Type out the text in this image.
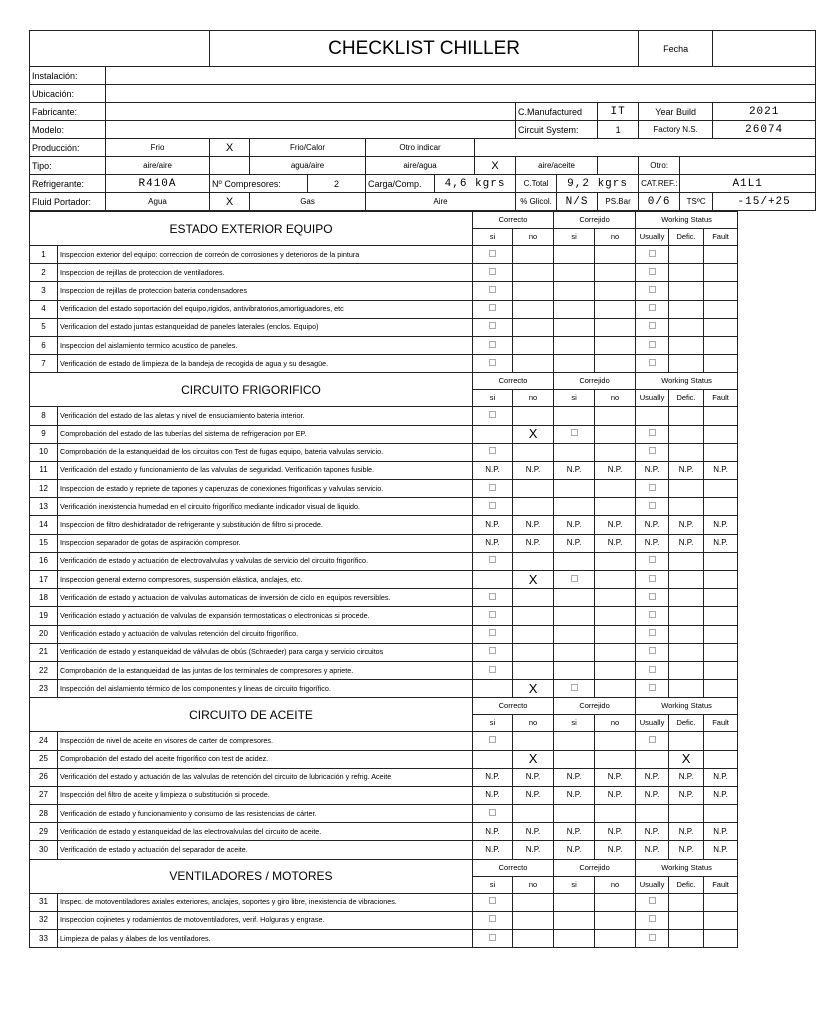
		CHECKLIST CHILLER									Fecha		
Instalación:													
Ubicación:													
Fabricante:								C.Manufactured		IT	Year Build		2021
Modelo:								Circuit System:		1	Factory N.S.		26074
Producción:	Frio	X	Frio/Calor		Otro indicar								
Tipo:	aire/aire		agua/aire		aire/agua		X	aire/aceite			Otro:		
Refrigerante:	R410A	Nº Compresores:		2	Carga/Comp.	4,6 kgrs		C.Total	9,2 kgrs		CAT.REF.:	A1L1	
Fluid Portador:	Agua	X	Gas		Aire			% Glicol.	N/S	PS.Bar	0/6	TSºC	-15/+25
ESTADO EXTERIOR EQUIPO		Correcto		Correjido		Working Status		
		si	no	si	no	Usually	Defic.	Fault
1	Inspeccion exterior del equipo: correccion de correón de corrosiones y deterioros de la pintura							
2	Inspeccion de rejillas de proteccion de ventiladores.							
3	Inspeccion de rejillas de proteccion bateria condensadores							
4	Verificacion del estado soportación del equipo,rigidos, antivibratorios,amortiguadores, etc							
5	Verificacion del estado juntas estanqueidad de paneles laterales (enclos. Equipo)							
6	Inspeccion del aislamiento termico acustico de paneles.							
7	Verificación de estado de limpieza de la bandeja de recogida de agua y su desagüe.							
CIRCUITO FRIGORIFICO		Correcto		Correjido		Working Status		
		si	no	si	no	Usually	Defic.	Fault
8	Verificación del estado de las aletas y nivel de ensuciamiento bateria interior.							
9	Comprobación del estado de las tuberías del sistema de refrigeracion por EP.		X					
10	Comprobación de la estanqueidad de los circuitos con Test de fugas equipo, bateria valvulas servicio.							
11	Verificación del estado y funcionamiento de las valvulas de seguridad. Verificación tapones fusible.	N.P.	N.P.	N.P.	N.P.	N.P.	N.P.	N.P.
12	Inspeccion de estado y repriete de tapones y caperuzas de conexiones frigorificas y valvulas servicio.							
13	Verificación inexistencia humedad en el circuito frigorífico mediante indicador visual de liquido.							
14	Inspeccion de filtro deshidratador de refrigerante y substitución de filtro si procede.	N.P.	N.P.	N.P.	N.P.	N.P.	N.P.	N.P.
15	Inspeccion separador de gotas de aspiración compresor.	N.P.	N.P.	N.P.	N.P.	N.P.	N.P.	N.P.
16	Verificación de estado y actuación de electrovalvulas y valvulas de servicio del circuito frigorífico.							
17	Inspeccion general externo compresores, suspensión elástica, anclajes, etc.		X					
18	Verificación de estado y actuacion de valvulas automaticas de inversión de ciclo en equipos reversibles.							
19	Verificación estado y actuación de valvulas de expansión termostaticas o electronicas si procede.							
20	Verificación estado y actuación de valvulas retención del circuito frigorífico.							
21	Verificación de estado y estanqueidad de válvulas de obús (Schraeder) para carga y servicio circuitos							
22	Comprobación de la estanqueidad de las juntas de los terminales de compresores y apriete.							
23	Inspección del aislamiento térmico de los componentes y lineas de circuito frigorífico.		X					
CIRCUITO DE ACEITE		Correcto		Correjido		Working Status		
		si	no	si	no	Usually	Defic.	Fault
24	Inspección de nivel de aceite en visores de carter de compresores.							
25	Comprobación del estado del aceite frigorífico con test de acidez.		X				X	
26	Verificación del estado y actuación de las valvulas de retención del circuito de lubricación y refrig. Aceite	N.P.	N.P.	N.P.	N.P.	N.P.	N.P.	N.P.
27	Inspección del filtro de aceite y limpieza o substitución si procede.	N.P.	N.P.	N.P.	N.P.	N.P.	N.P.	N.P.
28	Verificación de estado y funcionamiento y consumo de las resistencias de cárter.							
29	Verificación de estado y estanqueidad de las electrovalvulas del circuito de aceite.	N.P.	N.P.	N.P.	N.P.	N.P.	N.P.	N.P.
30	Verificación de estado y actuación del separador de aceite.	N.P.	N.P.	N.P.	N.P.	N.P.	N.P.	N.P.
VENTILADORES / MOTORES		Correcto		Correjido		Working Status		
		si	no	si	no	Usually	Defic.	Fault
31	Inspec. de motoventiladores axiales exteriores, anclajes, soportes y giro libre, inexistencia de vibraciones.							
32	Inspeccion cojinetes y rodamientos de motoventiladores, verif. Holguras y engrase.							
33	Limpieza de palas y álabes de los ventiladores.							
